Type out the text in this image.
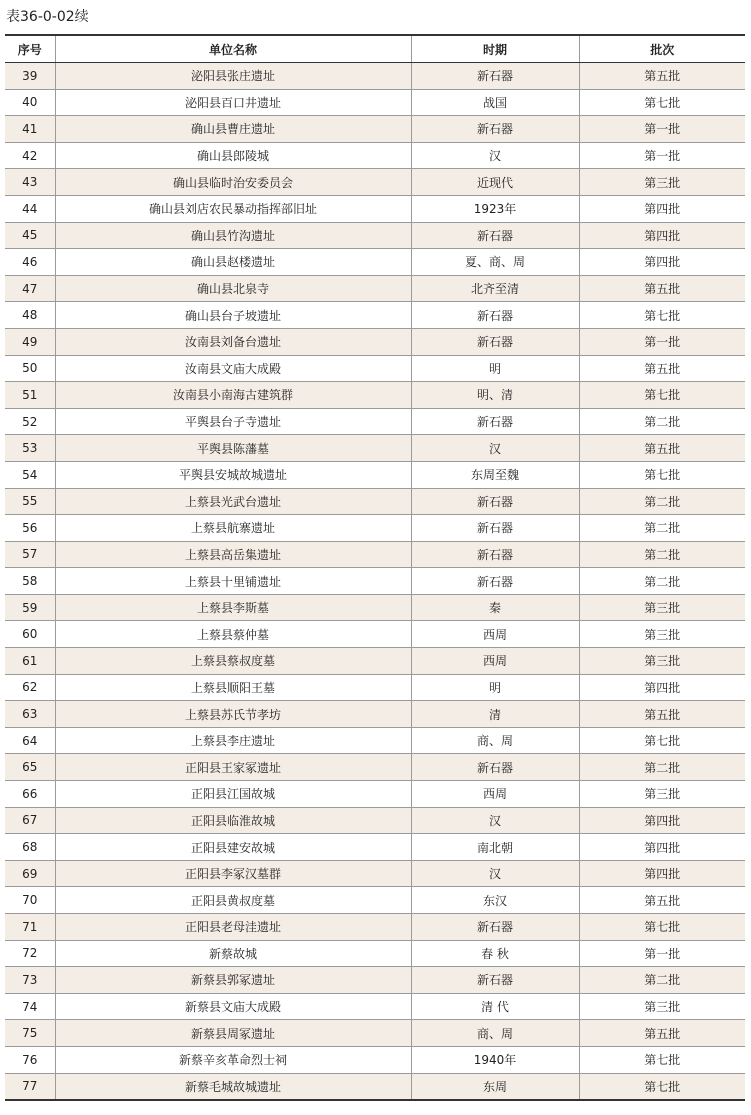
表36-0-02续
序号	单位名称	时期	批次
39	泌阳县张庄遗址	新石器	第五批
40	泌阳县百口井遗址	战国	第七批
41	确山县曹庄遗址	新石器	第一批
42	确山县郎陵城	汉	第一批
43	确山县临时治安委员会	近现代	第三批
44	确山县刘店农民暴动指挥部旧址	1923年	第四批
45	确山县竹沟遗址	新石器	第四批
46	确山县赵楼遗址	夏、商、周	第四批
47	确山县北泉寺	北齐至清	第五批
48	确山县台子坡遗址	新石器	第七批
49	汝南县刘备台遗址	新石器	第一批
50	汝南县文庙大成殿	明	第五批
51	汝南县小南海古建筑群	明、清	第七批
52	平舆县台子寺遗址	新石器	第二批
53	平舆县陈藩墓	汉	第五批
54	平舆县安城故城遗址	东周至魏	第七批
55	上蔡县光武台遗址	新石器	第二批
56	上蔡县航寨遗址	新石器	第二批
57	上蔡县高岳集遗址	新石器	第二批
58	上蔡县十里铺遗址	新石器	第二批
59	上蔡县李斯墓	秦	第三批
60	上蔡县蔡仲墓	西周	第三批
61	上蔡县蔡叔度墓	西周	第三批
62	上蔡县顺阳王墓	明	第四批
63	上蔡县苏氏节孝坊	清	第五批
64	上蔡县李庄遗址	商、周	第七批
65	正阳县王家冢遗址	新石器	第二批
66	正阳县江国故城	西周	第三批
67	正阳县临淮故城	汉	第四批
68	正阳县建安故城	南北朝	第四批
69	正阳县李冢汉墓群	汉	第四批
70	正阳县黄叔度墓	东汉	第五批
71	正阳县老母洼遗址	新石器	第七批
72	新蔡故城	春 秋	第一批
73	新蔡县郭冢遗址	新石器	第二批
74	新蔡县文庙大成殿	清 代	第三批
75	新蔡县周冢遗址	商、周	第五批
76	新蔡辛亥革命烈士祠	1940年	第七批
77	新蔡毛城故城遗址	东周	第七批
